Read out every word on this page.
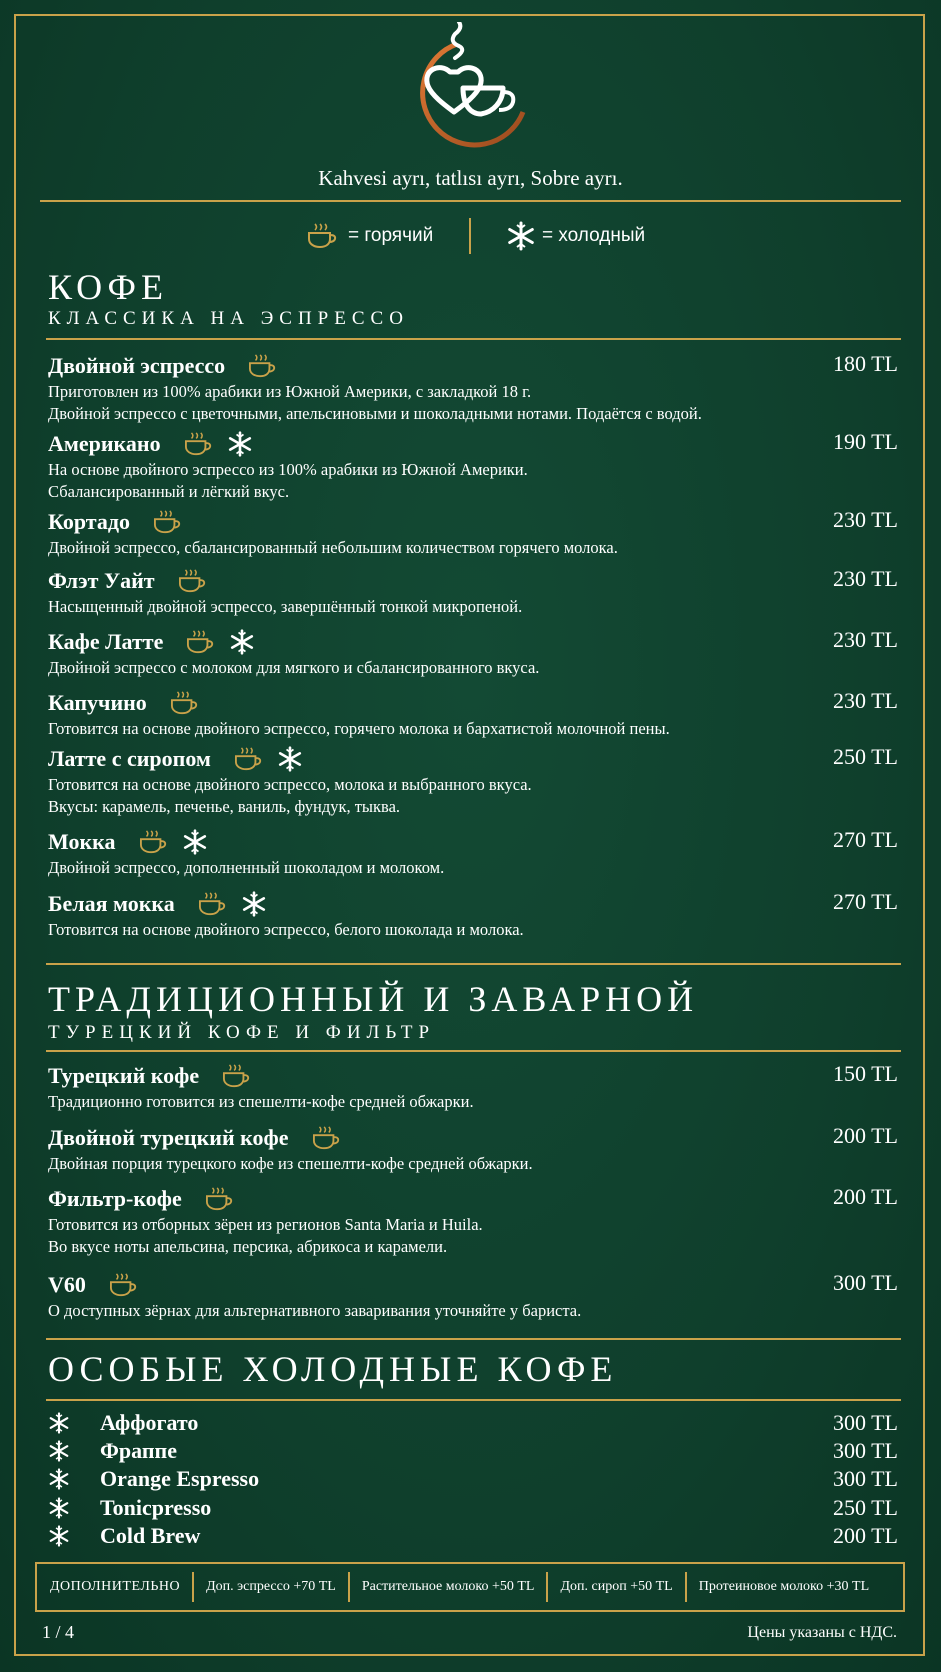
Kahvesi ayrı, tatlısı ayrı, Sobre ayrı.
= горячий	= холодный
КОФЕ
КЛАССИКА НА ЭСПРЕССО
Двойной эспрессо	180 TL
Приготовлен из 100% арабики из Южной Америки, с закладкой 18 г.
Двойной эспрессо с цветочными, апельсиновыми и шоколадными нотами. Подаётся с водой.
Американо	190 TL
На основе двойного эспрессо из 100% арабики из Южной Америки.
Сбалансированный и лёгкий вкус.
Кортадо	230 TL
Двойной эспрессо, сбалансированный небольшим количеством горячего молока.
Флэт Уайт	230 TL
Насыщенный двойной эспрессо, завершённый тонкой микропеной.
Кафе Латте	230 TL
Двойной эспрессо с молоком для мягкого и сбалансированного вкуса.
Капучино	230 TL
Готовится на основе двойного эспрессо, горячего молока и бархатистой молочной пены.
Латте с сиропом	250 TL
Готовится на основе двойного эспрессо, молока и выбранного вкуса.
Вкусы: карамель, печенье, ваниль, фундук, тыква.
Мокка	270 TL
Двойной эспрессо, дополненный шоколадом и молоком.
Белая мокка	270 TL
Готовится на основе двойного эспрессо, белого шоколада и молока.
ТРАДИЦИОННЫЙ И ЗАВАРНОЙ
ТУРЕЦКИЙ КОФЕ И ФИЛЬТР
Турецкий кофе	150 TL
Традиционно готовится из спешелти-кофе средней обжарки.
Двойной турецкий кофе	200 TL
Двойная порция турецкого кофе из спешелти-кофе средней обжарки.
Фильтр-кофе	200 TL
Готовится из отборных зёрен из регионов Santa Maria и Huila.
Во вкусе ноты апельсина, персика, абрикоса и карамели.
V60	300 TL
О доступных зёрнах для альтернативного заваривания уточняйте у бариста.
ОСОБЫЕ ХОЛОДНЫЕ КОФЕ
Аффогато	300 TL
Фраппе	300 TL
Orange Espresso	300 TL
Tonicpresso	250 TL
Cold Brew	200 TL
ДОПОЛНИТЕЛЬНО	Доп. эспрессо +70 TL	Растительное молоко +50 TL	Доп. сироп +50 TL	Протеиновое молоко +30 TL
1 / 4	Цены указаны с НДС.
